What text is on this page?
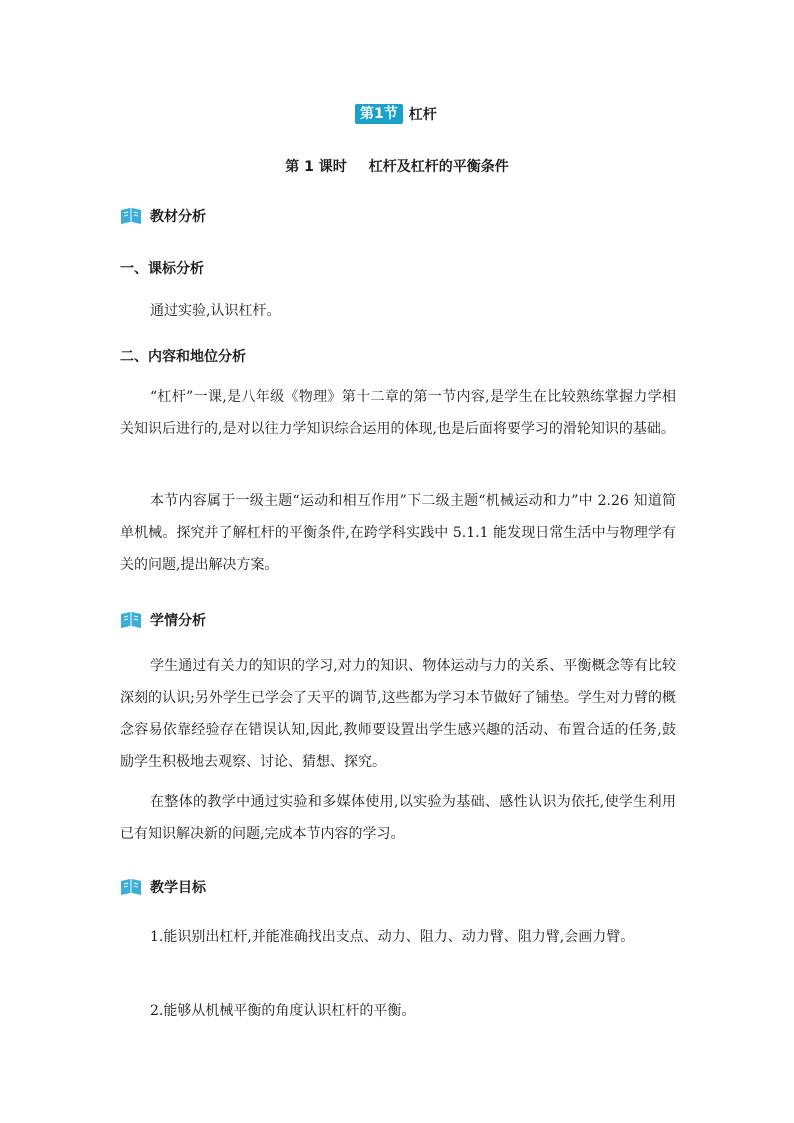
第1节 杠杆
第 1 课时 杠杆及杠杆的平衡条件
教材分析
一、课标分析

通过实验,认识杠杆。

二、内容和地位分析

“杠杆”一课,是八年级《物理》第十二章的第一节内容,是学生在比较熟练掌握力学相关知识后进行的,是对以往力学知识综合运用的体现,也是后面将要学习的滑轮知识的基础。

本节内容属于一级主题“运动和相互作用”下二级主题“机械运动和力”中 2.26 知道简单机械。探究并了解杠杆的平衡条件,在跨学科实践中 5.1.1 能发现日常生活中与物理学有关的问题,提出解决方案。

学情分析

学生通过有关力的知识的学习,对力的知识、物体运动与力的关系、平衡概念等有比较深刻的认识;另外学生已学会了天平的调节,这些都为学习本节做好了铺垫。学生对力臂的概念容易依靠经验存在错误认知,因此,教师要设置出学生感兴趣的活动、布置合适的任务,鼓励学生积极地去观察、讨论、猜想、探究。

在整体的教学中通过实验和多媒体使用,以实验为基础、感性认识为依托,使学生利用已有知识解决新的问题,完成本节内容的学习。

教学目标

1.能识别出杠杆,并能准确找出支点、动力、阻力、动力臂、阻力臂,会画力臂。

2.能够从机械平衡的角度认识杠杆的平衡。
